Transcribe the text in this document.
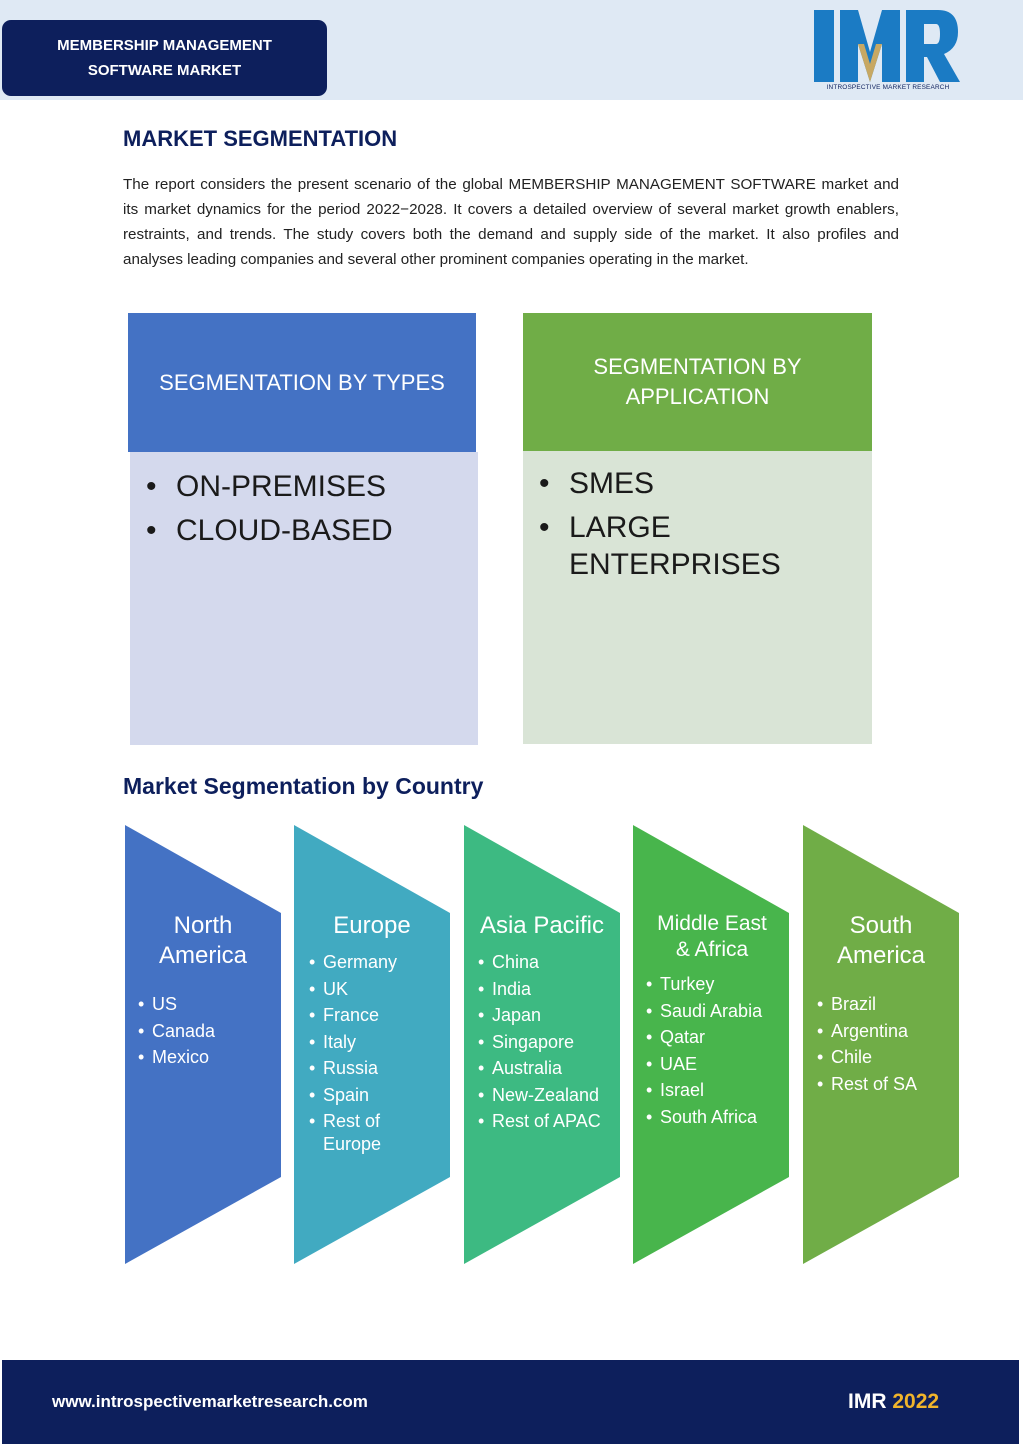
MEMBERSHIP MANAGEMENT
SOFTWARE MARKET
INTROSPECTIVE MARKET RESEARCH
MARKET SEGMENTATION

The report considers the present scenario of the global MEMBERSHIP MANAGEMENT SOFTWARE market and its market dynamics for the period 2022−2028. It covers a detailed overview of several market growth enablers, restraints, and trends. The study covers both the demand and supply side of the market. It also profiles and analyses leading companies and several other prominent companies operating in the market.

SEGMENTATION BY TYPES
• ON-PREMISES
• CLOUD-BASED
SEGMENTATION BY
APPLICATION
• SMES
• LARGE ENTERPRISES
Market Segmentation by Country
North
America
• US
• Canada
• Mexico
Europe
• Germany
• UK
• France
• Italy
• Russia
• Spain
• Rest of Europe
Asia Pacific
• China
• India
• Japan
• Singapore
• Australia
• New-Zealand
• Rest of APAC
Middle East
& Africa
• Turkey
• Saudi Arabia
• Qatar
• UAE
• Israel
• South Africa
South
America
• Brazil
• Argentina
• Chile
• Rest of SA
www.introspectivemarketresearch.com	IMR 2022
